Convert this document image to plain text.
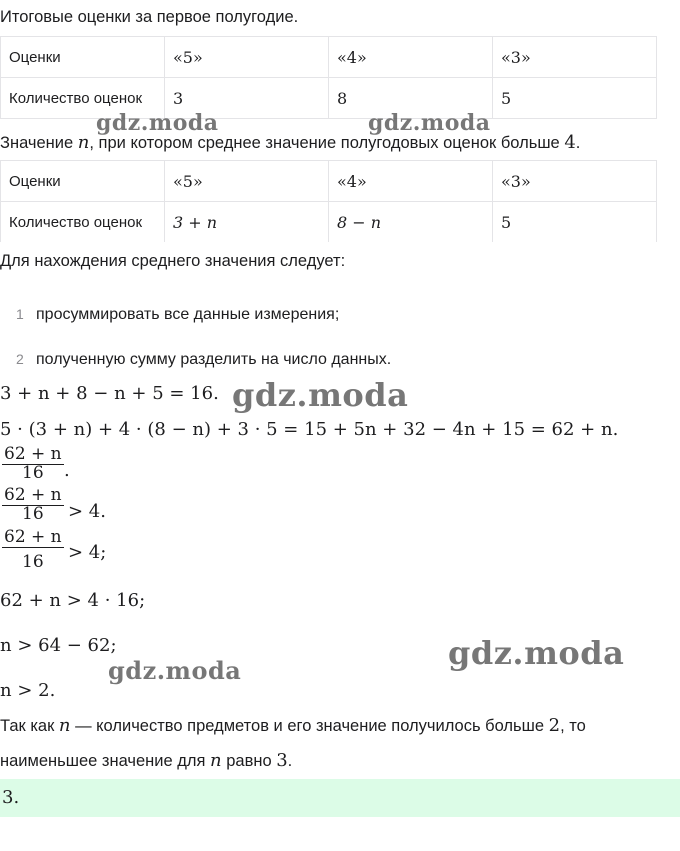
Итоговые оценки за первое полугодие.
Оценки	«5»	«4»	«3»
Количество оценок	3	8	5
Значение n, при котором среднее значение полугодовых оценок больше 4.
Оценки	«5»	«4»	«3»
Количество оценок	3 + n	8 − n	5
Для нахождения среднего значения следует:
1 просуммировать все данные измерения;
2 полученную сумму разделить на число данных.
3 + n + 8 − n + 5 = 16.
5 · (3 + n) + 4 · (8 − n) + 3 · 5 = 15 + 5n + 32 − 4n + 15 = 62 + n.
62 + n
16	.
62 + n
16	> 4.
62 + n
16	> 4;
62 + n > 4 · 16;
n > 64 − 62;
n > 2.
Так как n — количество предметов и его значение получилось больше 2, то
наименьшее значение для n равно 3.
3.
gdz.moda	gdz.moda
gdz.moda
gdz.moda
gdz.moda
